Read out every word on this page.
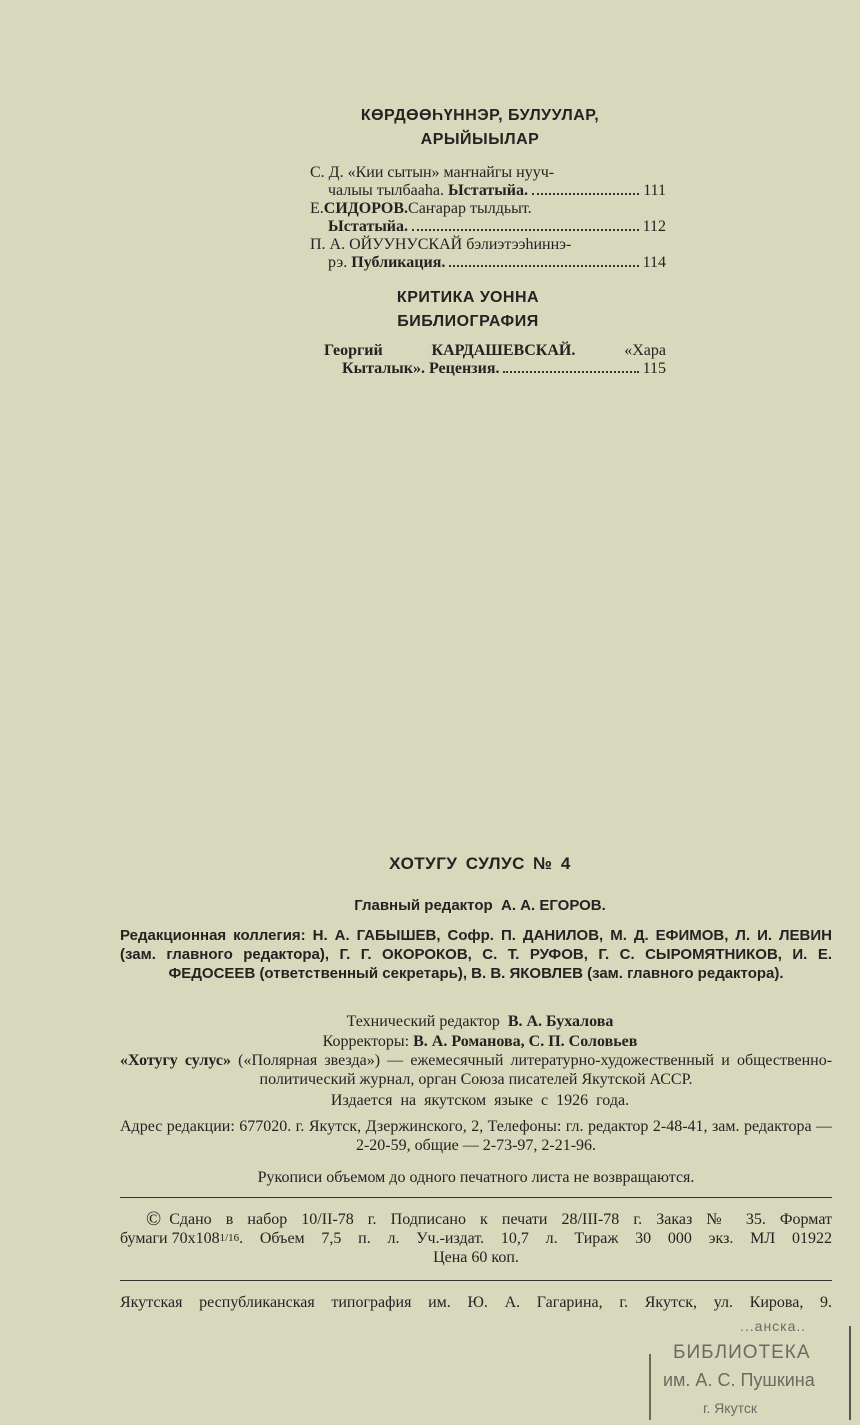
КӨРДӨӨҺҮННЭР, БУЛУУЛАР,
АРЫЙЫЫЛАР
С. Д. «Кии сытын» маҥнайгы нууч-
чалыы тылбааһа.
Ыстатыйа.	111
Е. СИДОРОВ. Саҥарар тылдьыт.
Ыстатыйа.	112
П. А. ОЙУУНУСКАЙ бэлиэтээһиннэ-
рэ.
Публикация.	114
КРИТИКА УОННА
БИБЛИОГРАФИЯ
Георгий	КАРДАШЕВСКАЙ.	«Хара
Кыталык». Рецензия.	115
ХОТУГУ СУЛУС № 4
Главный редактор А. А. ЕГОРОВ.
Редакционная коллегия: Н. А. ГАБЫШЕВ, Софр. П. ДАНИЛОВ, М. Д. ЕФИМОВ, Л. И. ЛЕВИН (зам. главного редактора), Г. Г. ОКОРОКОВ, С. Т. РУФОВ, Г. С. СЫРОМЯТНИКОВ, И. Е. ФЕДОСЕЕВ (ответственный секретарь), В. В. ЯКОВЛЕВ (зам. главного редактора).
Технический редактор В. А. Бухалова
Корректоры: В. А. Романова, С. П. Соловьев
«Хотугу сулус» («Полярная звезда») — ежемесячный литературно-художественный и общественно-политический журнал, орган Союза писателей Якутской АССР.
Издается на якутском языке с 1926 года.
Адрес редакции: 677020. г. Якутск, Дзержинского, 2, Телефоны: гл. редактор 2-48-41, зам. редактора — 2-20-59, общие — 2-73-97, 2-21-96.
Рукописи объемом до одного печатного листа не возвращаются.
© Сдано в набор 10/II-78 г. Подписано к печати 28/III-78 г. Заказ № 35. Формат
бумаги 70x108 1/16 . Объем 7,5 п. л. Уч.-издат. 10,7 л. Тираж 30 000 экз. МЛ 01922
Цена 60 коп.
Якутская республиканская типография им. Ю. А. Гагарина, г. Якутск, ул. Кирова, 9.
...анска..
БИБЛИОТЕКА
им. А. С. Пушкина
г. Якутск
